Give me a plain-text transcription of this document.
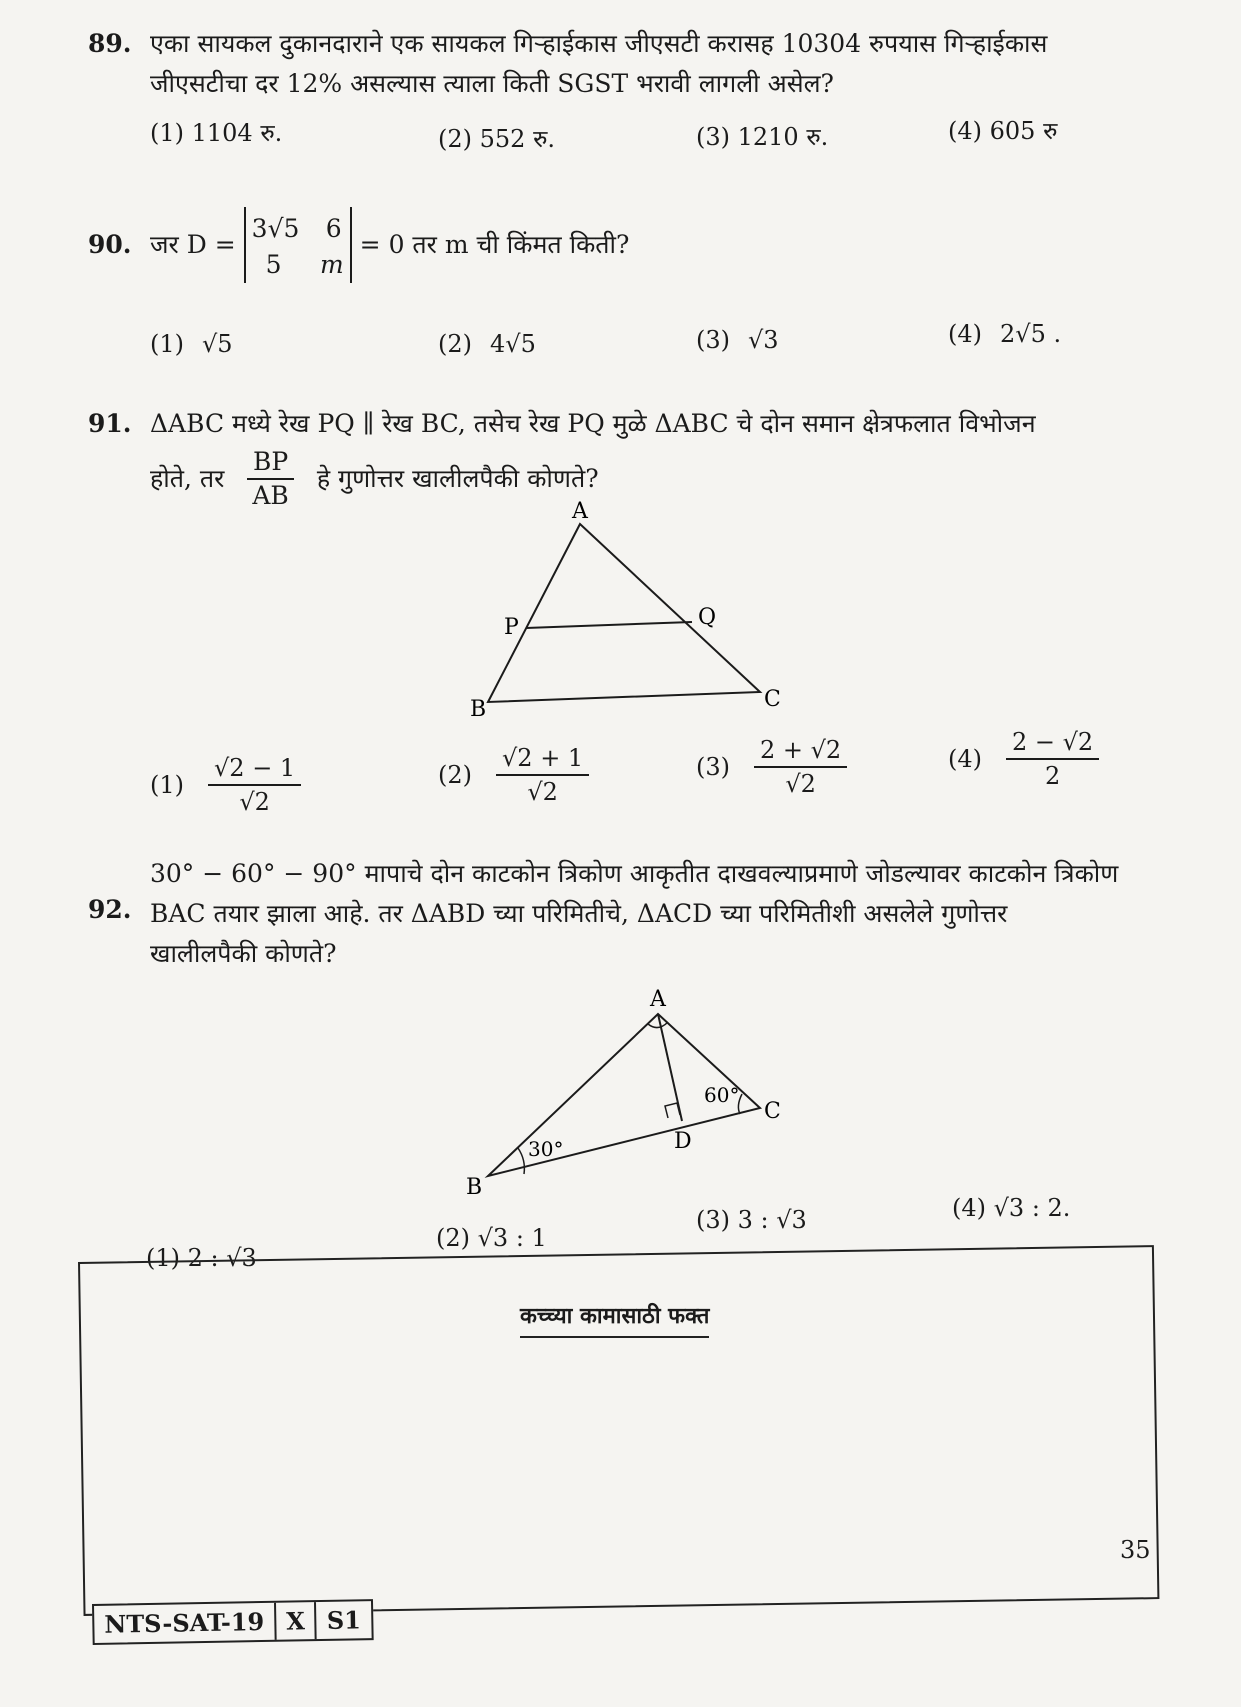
89. एका सायकल दुकानदाराने एक सायकल गिऱ्हाईकास जीएसटी करासह 10304 रुपयास गिऱ्हाईकास
जीएसटीचा दर 12% असल्यास त्याला किती SGST भरावी लागली असेल?
(1) 1104 रु.	(2) 552 रु.	(3) 1210 रु.	(4) 605 रु
90. जर D =
3√5 6
5 m
= 0 तर m ची किंमत किती?
(1) √5	(2) 4√5	(3) √3	(4) 2√5 .
91. ΔABC मध्ये रेख PQ ∥ रेख BC, तसेच रेख PQ मुळे ΔABC चे दोन समान क्षेत्रफलात विभोजन
होते, तर $\frac{BP}{AB}$ हे गुणोत्तर खालीलपैकी कोणते?
A
B	C
P	Q
$(1) \frac{√2 - 1}{√2}$	$(2) \frac{√2 + 1}{√2}$	$(3) \frac{2 + √2}{√2}$	$(4) \frac{2 - √2}{2}$
92.
30° − 60° − 90° मापाचे दोन काटकोन त्रिकोण आकृतीत दाखवल्याप्रमाणे जोडल्यावर काटकोन त्रिकोण
BAC तयार झाला आहे. तर ΔABD च्या परिमितीचे, ΔACD च्या परिमितीशी असलेले गुणोत्तर
खालीलपैकी कोणते?
A
B
C
D
30°
60°
(1) 2 : √3
(2) √3 : 1
(3) 3 : √3	(4) √3 : 2.
कच्च्या कामासाठी फक्त
35
NTS-SAT-19 X S1
